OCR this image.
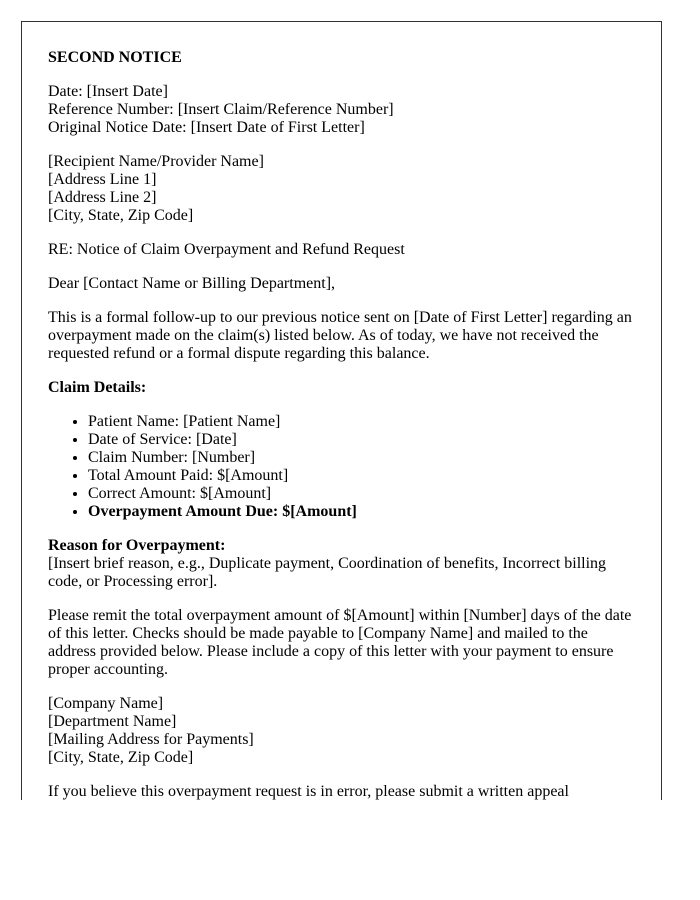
SECOND NOTICE

Date: [Insert Date]
Reference Number: [Insert Claim/Reference Number]
Original Notice Date: [Insert Date of First Letter]

[Recipient Name/Provider Name]
[Address Line 1]
[Address Line 2]
[City, State, Zip Code]

RE: Notice of Claim Overpayment and Refund Request

Dear [Contact Name or Billing Department],

This is a formal follow-up to our previous notice sent on [Date of First Letter] regarding an overpayment made on the claim(s) listed below. As of today, we have not received the requested refund or a formal dispute regarding this balance.

Claim Details:

• Patient Name: [Patient Name]
• Date of Service: [Date]
• Claim Number: [Number]
• Total Amount Paid: $[Amount]
• Correct Amount: $[Amount]
• Overpayment Amount Due: $[Amount]

Reason for Overpayment:
[Insert brief reason, e.g., Duplicate payment, Coordination of benefits, Incorrect billing code, or Processing error].

Please remit the total overpayment amount of $[Amount] within [Number] days of the date of this letter. Checks should be made payable to [Company Name] and mailed to the address provided below. Please include a copy of this letter with your payment to ensure proper accounting.

[Company Name]
[Department Name]
[Mailing Address for Payments]
[City, State, Zip Code]

If you believe this overpayment request is in error, please submit a written appeal
